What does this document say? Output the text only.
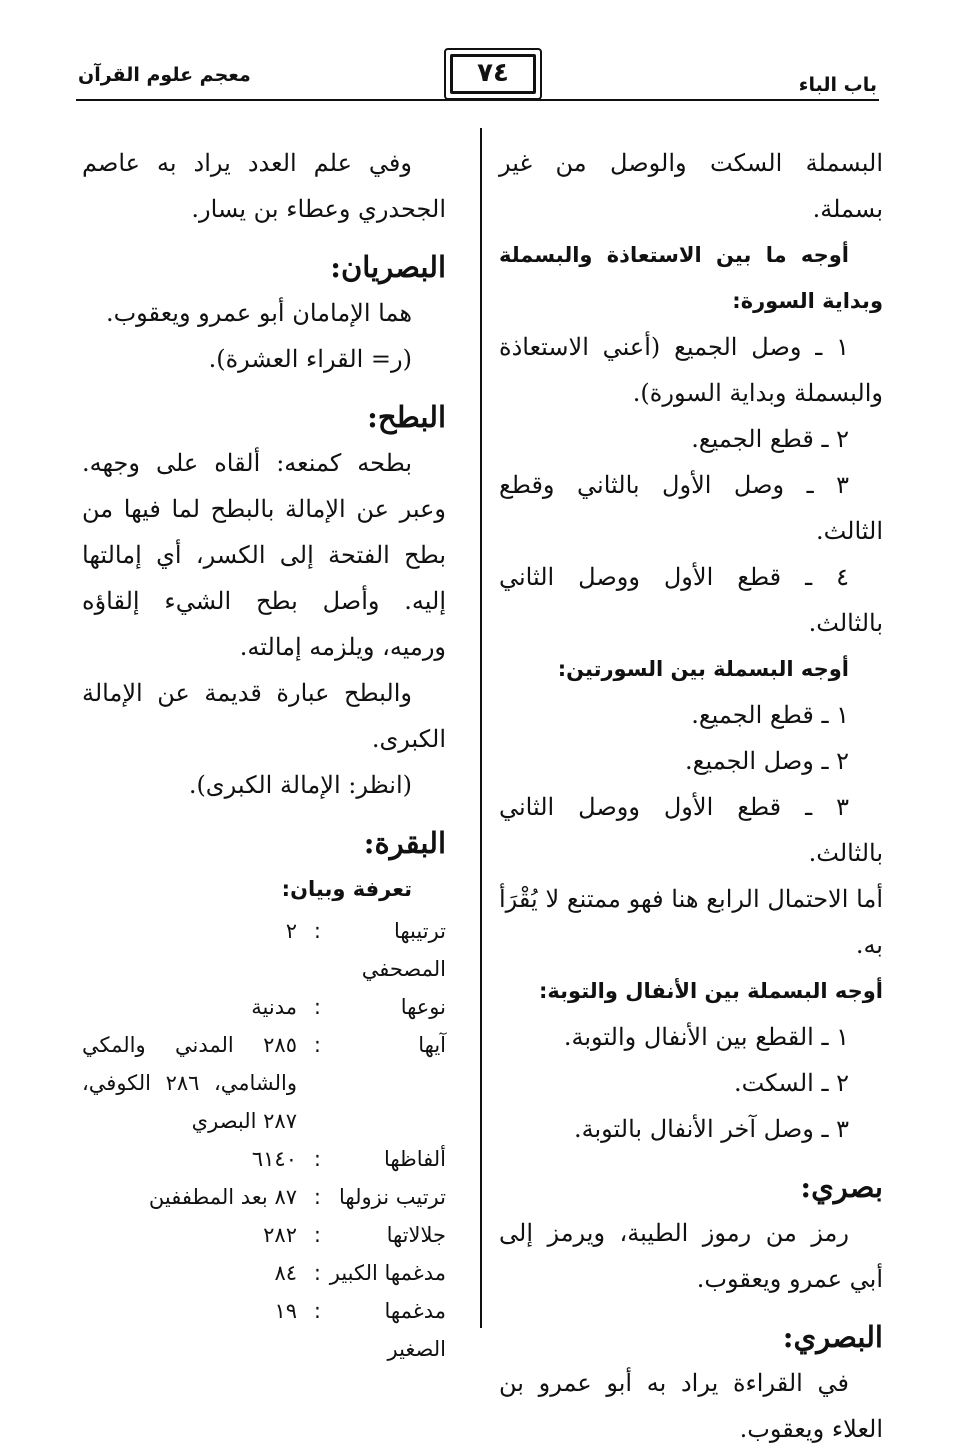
معجم علوم القرآن	٧٤	باب الباء

البسملة السكت والوصل من غير بسملة.

أوجه ما بين الاستعاذة والبسملة وبداية السورة:

١ ـ وصل الجميع (أعني الاستعاذة والبسملة وبداية السورة).

٢ ـ قطع الجميع.

٣ ـ وصل الأول بالثاني وقطع الثالث.

٤ ـ قطع الأول ووصل الثاني بالثالث.

أوجه البسملة بين السورتين:

١ ـ قطع الجميع.

٢ ـ وصل الجميع.

٣ ـ قطع الأول ووصل الثاني بالثالث.

أما الاحتمال الرابع هنا فهو ممتنع لا يُقْرَأ به.

أوجه البسملة بين الأنفال والتوبة:

١ ـ القطع بين الأنفال والتوبة.

٢ ـ السكت.

٣ ـ وصل آخر الأنفال بالتوبة.

بصري:

رمز من رموز الطيبة، ويرمز إلى أبي عمرو ويعقوب.

البصري:

في القراءة يراد به أبو عمرو بن العلاء ويعقوب.

وفي علم العدد يراد به عاصم الجحدري وعطاء بن يسار.

البصريان:

هما الإمامان أبو عمرو ويعقوب.

(ر= القراء العشرة).

البطح:

بطحه كمنعه: ألقاه على وجهه. وعبر عن الإمالة بالبطح لما فيها من بطح الفتحة إلى الكسر، أي إمالتها إليه. وأصل بطح الشيء إلقاؤه ورميه، ويلزمه إمالته.

والبطح عبارة قديمة عن الإمالة الكبرى.

(انظر: الإمالة الكبرى).

البقرة:

تعرفة وبيان:

ترتيبها المصحفي
:
٢
نوعها
:
مدنية
آيها
:
٢٨٥ المدني والمكي والشامي، ٢٨٦ الكوفي، ٢٨٧ البصري
ألفاظها
:
٦١٤٠
ترتيب نزولها
:
٨٧ بعد المطففين
جلالاتها
:
٢٨٢
مدغمها الكبير
:
٨٤
مدغمها الصغير
:
١٩
